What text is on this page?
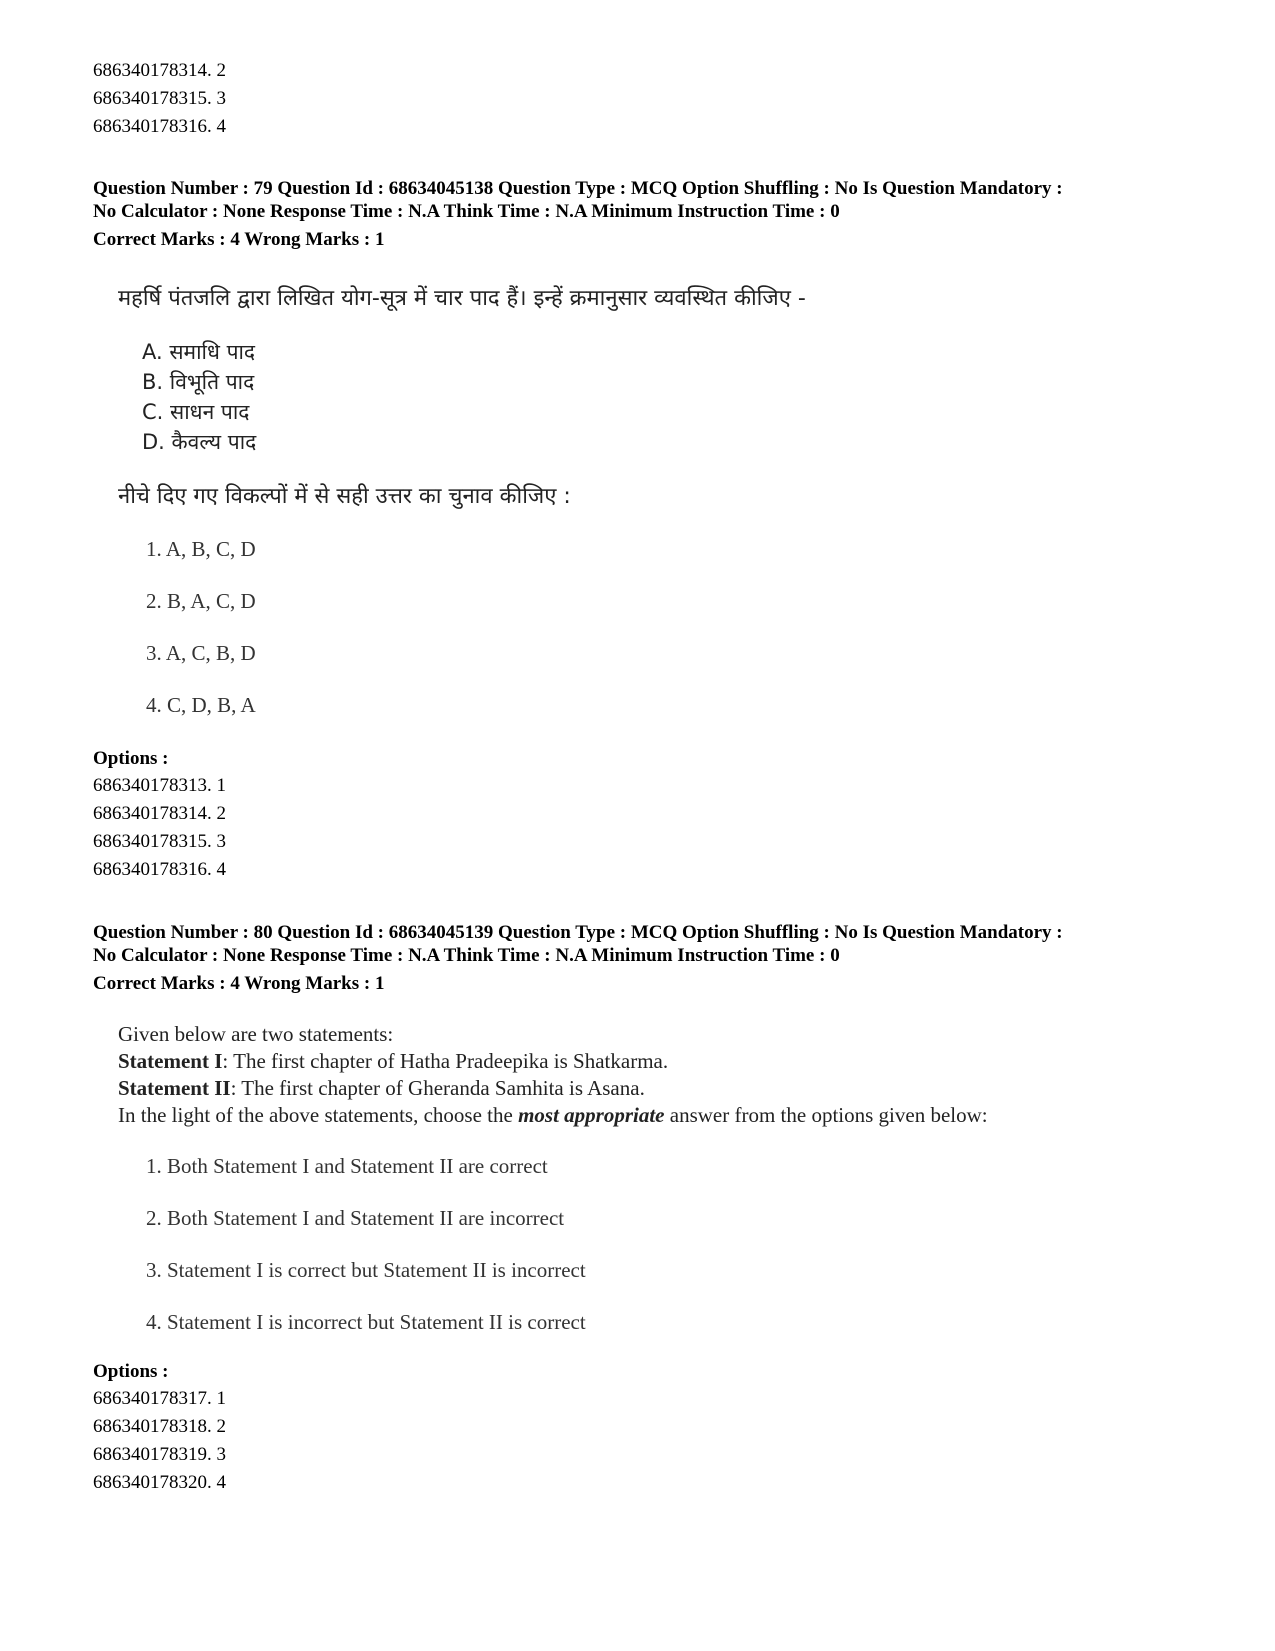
686340178314. 2
686340178315. 3
686340178316. 4
Question Number : 79 Question Id : 68634045138 Question Type : MCQ Option Shuffling : No Is Question Mandatory :
No Calculator : None Response Time : N.A Think Time : N.A Minimum Instruction Time : 0
Correct Marks : 4 Wrong Marks : 1
महर्षि पंतजलि द्वारा लिखित योग-सूत्र में चार पाद हैं। इन्हें क्रमानुसार व्यवस्थित कीजिए -
A. समाधि पाद
B. विभूति पाद
C. साधन पाद
D. कैवल्य पाद
नीचे दिए गए विकल्पों में से सही उत्तर का चुनाव कीजिए :
1. A, B, C, D
2. B, A, C, D
3. A, C, B, D
4. C, D, B, A
Options :
686340178313. 1
686340178314. 2
686340178315. 3
686340178316. 4
Question Number : 80 Question Id : 68634045139 Question Type : MCQ Option Shuffling : No Is Question Mandatory :
No Calculator : None Response Time : N.A Think Time : N.A Minimum Instruction Time : 0
Correct Marks : 4 Wrong Marks : 1
Given below are two statements:
Statement I: The first chapter of Hatha Pradeepika is Shatkarma.
Statement II: The first chapter of Gheranda Samhita is Asana.
In the light of the above statements, choose the most appropriate answer from the options given below:
1. Both Statement I and Statement II are correct
2. Both Statement I and Statement II are incorrect
3. Statement I is correct but Statement II is incorrect
4. Statement I is incorrect but Statement II is correct
Options :
686340178317. 1
686340178318. 2
686340178319. 3
686340178320. 4
